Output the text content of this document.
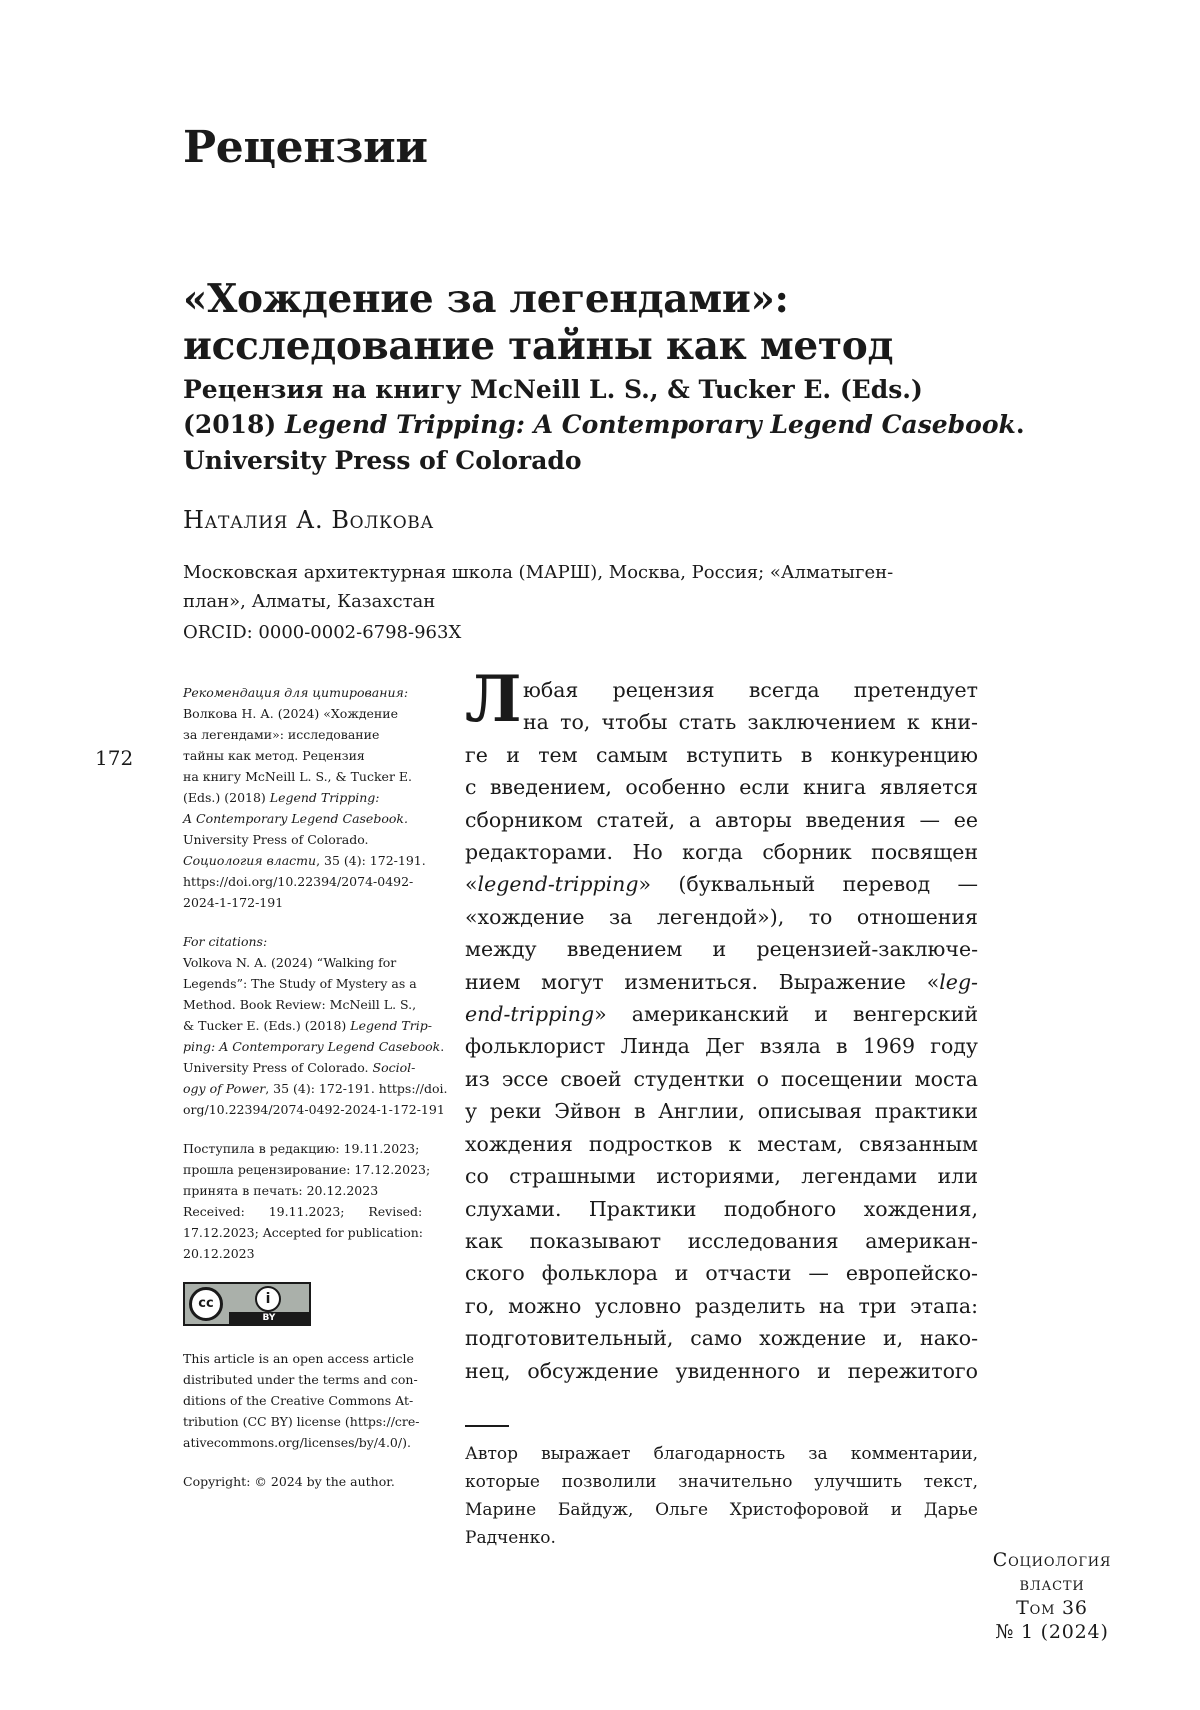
Рецензии
«Хождение за легендами»:
исследование тайны как метод
Рецензия на книгу McNeill L. S., & Tucker E. (Eds.)
(2018) Legend Tripping: A Contemporary Legend Casebook.
University Press of Colorado
Наталия А. Волкова
Московская архитектурная школа (МАРШ), Москва, Россия; «Алматыген-
план», Алматы, Казахстан
ORCID: 0000-0002-6798-963X
172
Рекомендация для цитирования:
Волкова Н. А. (2024) «Хождение
за легендами»: исследование
тайны как метод. Рецензия
на книгу McNeill L. S., & Tucker E.
(Eds.) (2018) Legend Tripping:
A Contemporary Legend Casebook.
University Press of Colorado.
Социология власти, 35 (4): 172-191.
https://doi.org/10.22394/2074-0492-
2024-1-172-191
For citations:
Volkova N. A. (2024) “Walking for
Legends”: The Study of Mystery as a
Method. Book Review: McNeill L. S.,
& Tucker E. (Eds.) (2018) Legend Trip-
ping: A Contemporary Legend Casebook.
University Press of Colorado. Sociol-
ogy of Power, 35 (4): 172-191. https://doi.
org/10.22394/2074-0492-2024-1-172-191
Поступила в редакцию: 19.11.2023;
прошла рецензирование: 17.12.2023;
принята в печать: 20.12.2023
Received:      19.11.2023;      Revised:
17.12.2023; Accepted for publication:
20.12.2023
cc	i
BY
This article is an open access article
distributed under the terms and con-
ditions of the Creative Commons At-
tribution (CC BY) license (https://cre-
ativecommons.org/licenses/by/4.0/).
Copyright: © 2024 by the author.
Л юбая рецензия всегда претендует
на то, чтобы стать заключением к кни-
ге и тем самым вступить в конкуренцию
с введением, особенно если книга является
сборником статей, а авторы введения — ее
редакторами. Но когда сборник посвящен
«legend-tripping» (буквальный перевод —
«хождение за легендой»), то отношения
между введением и рецензией-заключе-
нием могут измениться. Выражение «leg-
end-tripping» американский и венгерский
фольклорист Линда Дег взяла в 1969 году
из эссе своей студентки о посещении моста
у реки Эйвон в Англии, описывая практики
хождения подростков к местам, связанным
со страшными историями, легендами или
слухами. Практики подобного хождения,
как показывают исследования американ-
ского фольклора и отчасти — европейско-
го, можно условно разделить на три этапа:
подготовительный, само хождение и, нако-
нец, обсуждение увиденного и пережитого
Автор выражает благодарность за комментарии,
которые позволили значительно улучшить текст,
Марине Байдуж, Ольге Христофоровой и Дарье
Радченко.
Социология
власти
Том 36
№ 1 (2024)
